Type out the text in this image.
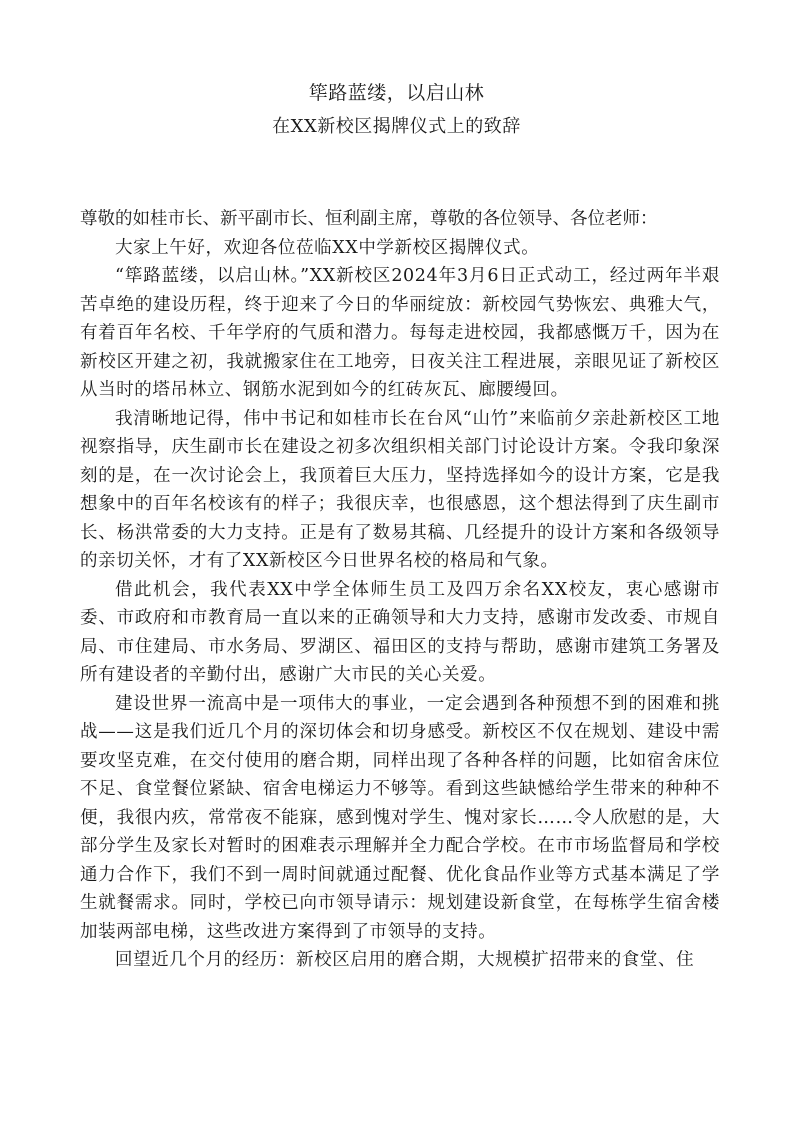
筚路蓝缕，以启山林
在XX新校区揭牌仪式上的致辞

尊敬的如桂市长、新平副市长、恒利副主席，尊敬的各位领导、各位老师：

大家上午好，欢迎各位莅临XX中学新校区揭牌仪式。

“筚路蓝缕，以启山林。”XX新校区2024年3月6日正式动工，经过两年半艰苦卓绝的建设历程，终于迎来了今日的华丽绽放：新校园气势恢宏、典雅大气，有着百年名校、千年学府的气质和潜力。每每走进校园，我都感慨万千，因为在新校区开建之初，我就搬家住在工地旁，日夜关注工程进展，亲眼见证了新校区从当时的塔吊林立、钢筋水泥到如今的红砖灰瓦、廊腰缦回。

我清晰地记得，伟中书记和如桂市长在台风“山竹”来临前夕亲赴新校区工地视察指导，庆生副市长在建设之初多次组织相关部门讨论设计方案。令我印象深刻的是，在一次讨论会上，我顶着巨大压力，坚持选择如今的设计方案，它是我想象中的百年名校该有的样子；我很庆幸，也很感恩，这个想法得到了庆生副市长、杨洪常委的大力支持。正是有了数易其稿、几经提升的设计方案和各级领导的亲切关怀，才有了XX新校区今日世界名校的格局和气象。

借此机会，我代表XX中学全体师生员工及四万余名XX校友，衷心感谢市委、市政府和市教育局一直以来的正确领导和大力支持，感谢市发改委、市规自局、市住建局、市水务局、罗湖区、福田区的支持与帮助，感谢市建筑工务署及所有建设者的辛勤付出，感谢广大市民的关心关爱。

建设世界一流高中是一项伟大的事业，一定会遇到各种预想不到的困难和挑战——这是我们近几个月的深切体会和切身感受。新校区不仅在规划、建设中需要攻坚克难，在交付使用的磨合期，同样出现了各种各样的问题，比如宿舍床位不足、食堂餐位紧缺、宿舍电梯运力不够等。看到这些缺憾给学生带来的种种不便，我很内疚，常常夜不能寐，感到愧对学生、愧对家长……令人欣慰的是，大部分学生及家长对暂时的困难表示理解并全力配合学校。在市市场监督局和学校通力合作下，我们不到一周时间就通过配餐、优化食品作业等方式基本满足了学生就餐需求。同时，学校已向市领导请示：规划建设新食堂，在每栋学生宿舍楼加装两部电梯，这些改进方案得到了市领导的支持。

回望近几个月的经历：新校区启用的磨合期，大规模扩招带来的食堂、住
